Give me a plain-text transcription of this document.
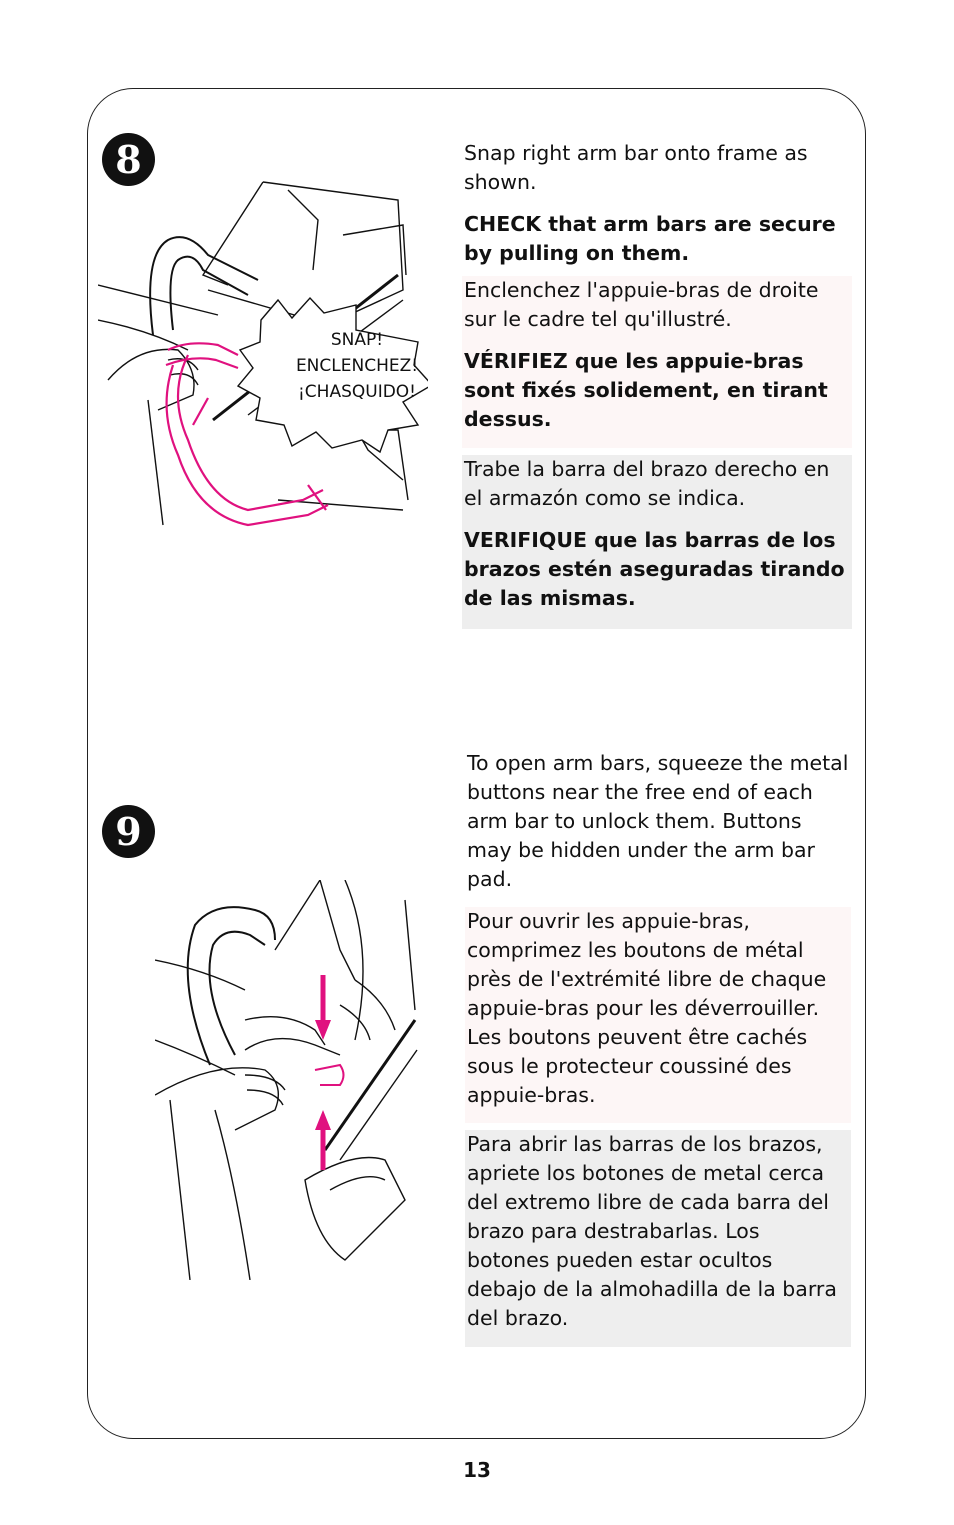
8
SNAP!
ENCLENCHEZ!
¡CHASQUIDO!

Snap right arm bar onto frame as shown.

CHECK that arm bars are secure by pulling on them.

Enclenchez l'appuie-bras de droite sur le cadre tel qu'illustré.

VÉRIFIEZ que les appuie-bras sont fixés solidement, en tirant dessus.

Trabe la barra del brazo derecho en el armazón como se indica.

VERIFIQUE que las barras de los brazos estén aseguradas tirando de las mismas.

9

To open arm bars, squeeze the metal buttons near the free end of each arm bar to unlock them. Buttons may be hidden under the arm bar pad.

Pour ouvrir les appuie-bras, comprimez les boutons de métal près de l'extrémité libre de chaque appuie-bras pour les déverrouiller. Les boutons peuvent être cachés sous le protecteur coussiné des appuie-bras.

Para abrir las barras de los brazos, apriete los botones de metal cerca del extremo libre de cada barra del brazo para destrabarlas. Los botones pueden estar ocultos debajo de la almohadilla de la barra del brazo.

13
